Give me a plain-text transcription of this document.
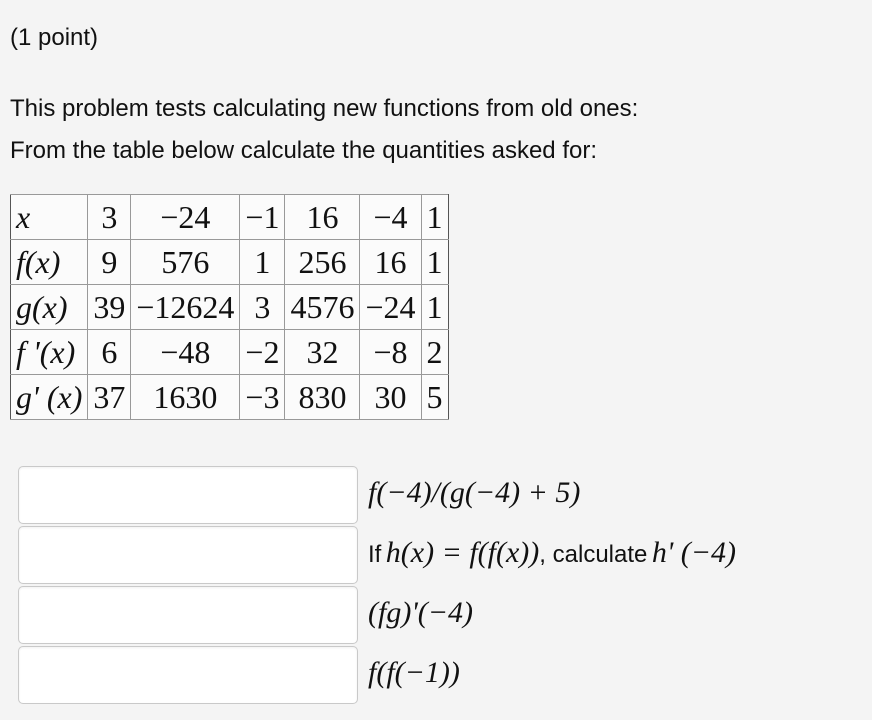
(1 point)
This problem tests calculating new functions from old ones:
From the table below calculate the quantities asked for:
x	3	−24	−1	16	−4	1
f(x)	9	576	1	256	16	1
g(x)	39	−12624	3	4576	−24	1
f '(x)	6	−48	−2	32	−8	2
g' (x)	37	1630	−3	830	30	5
f(−4)/(g(−4) + 5)
If h(x) = f(f(x)), calculate h' (−4)
(fg)'(−4)
f(f(−1))
